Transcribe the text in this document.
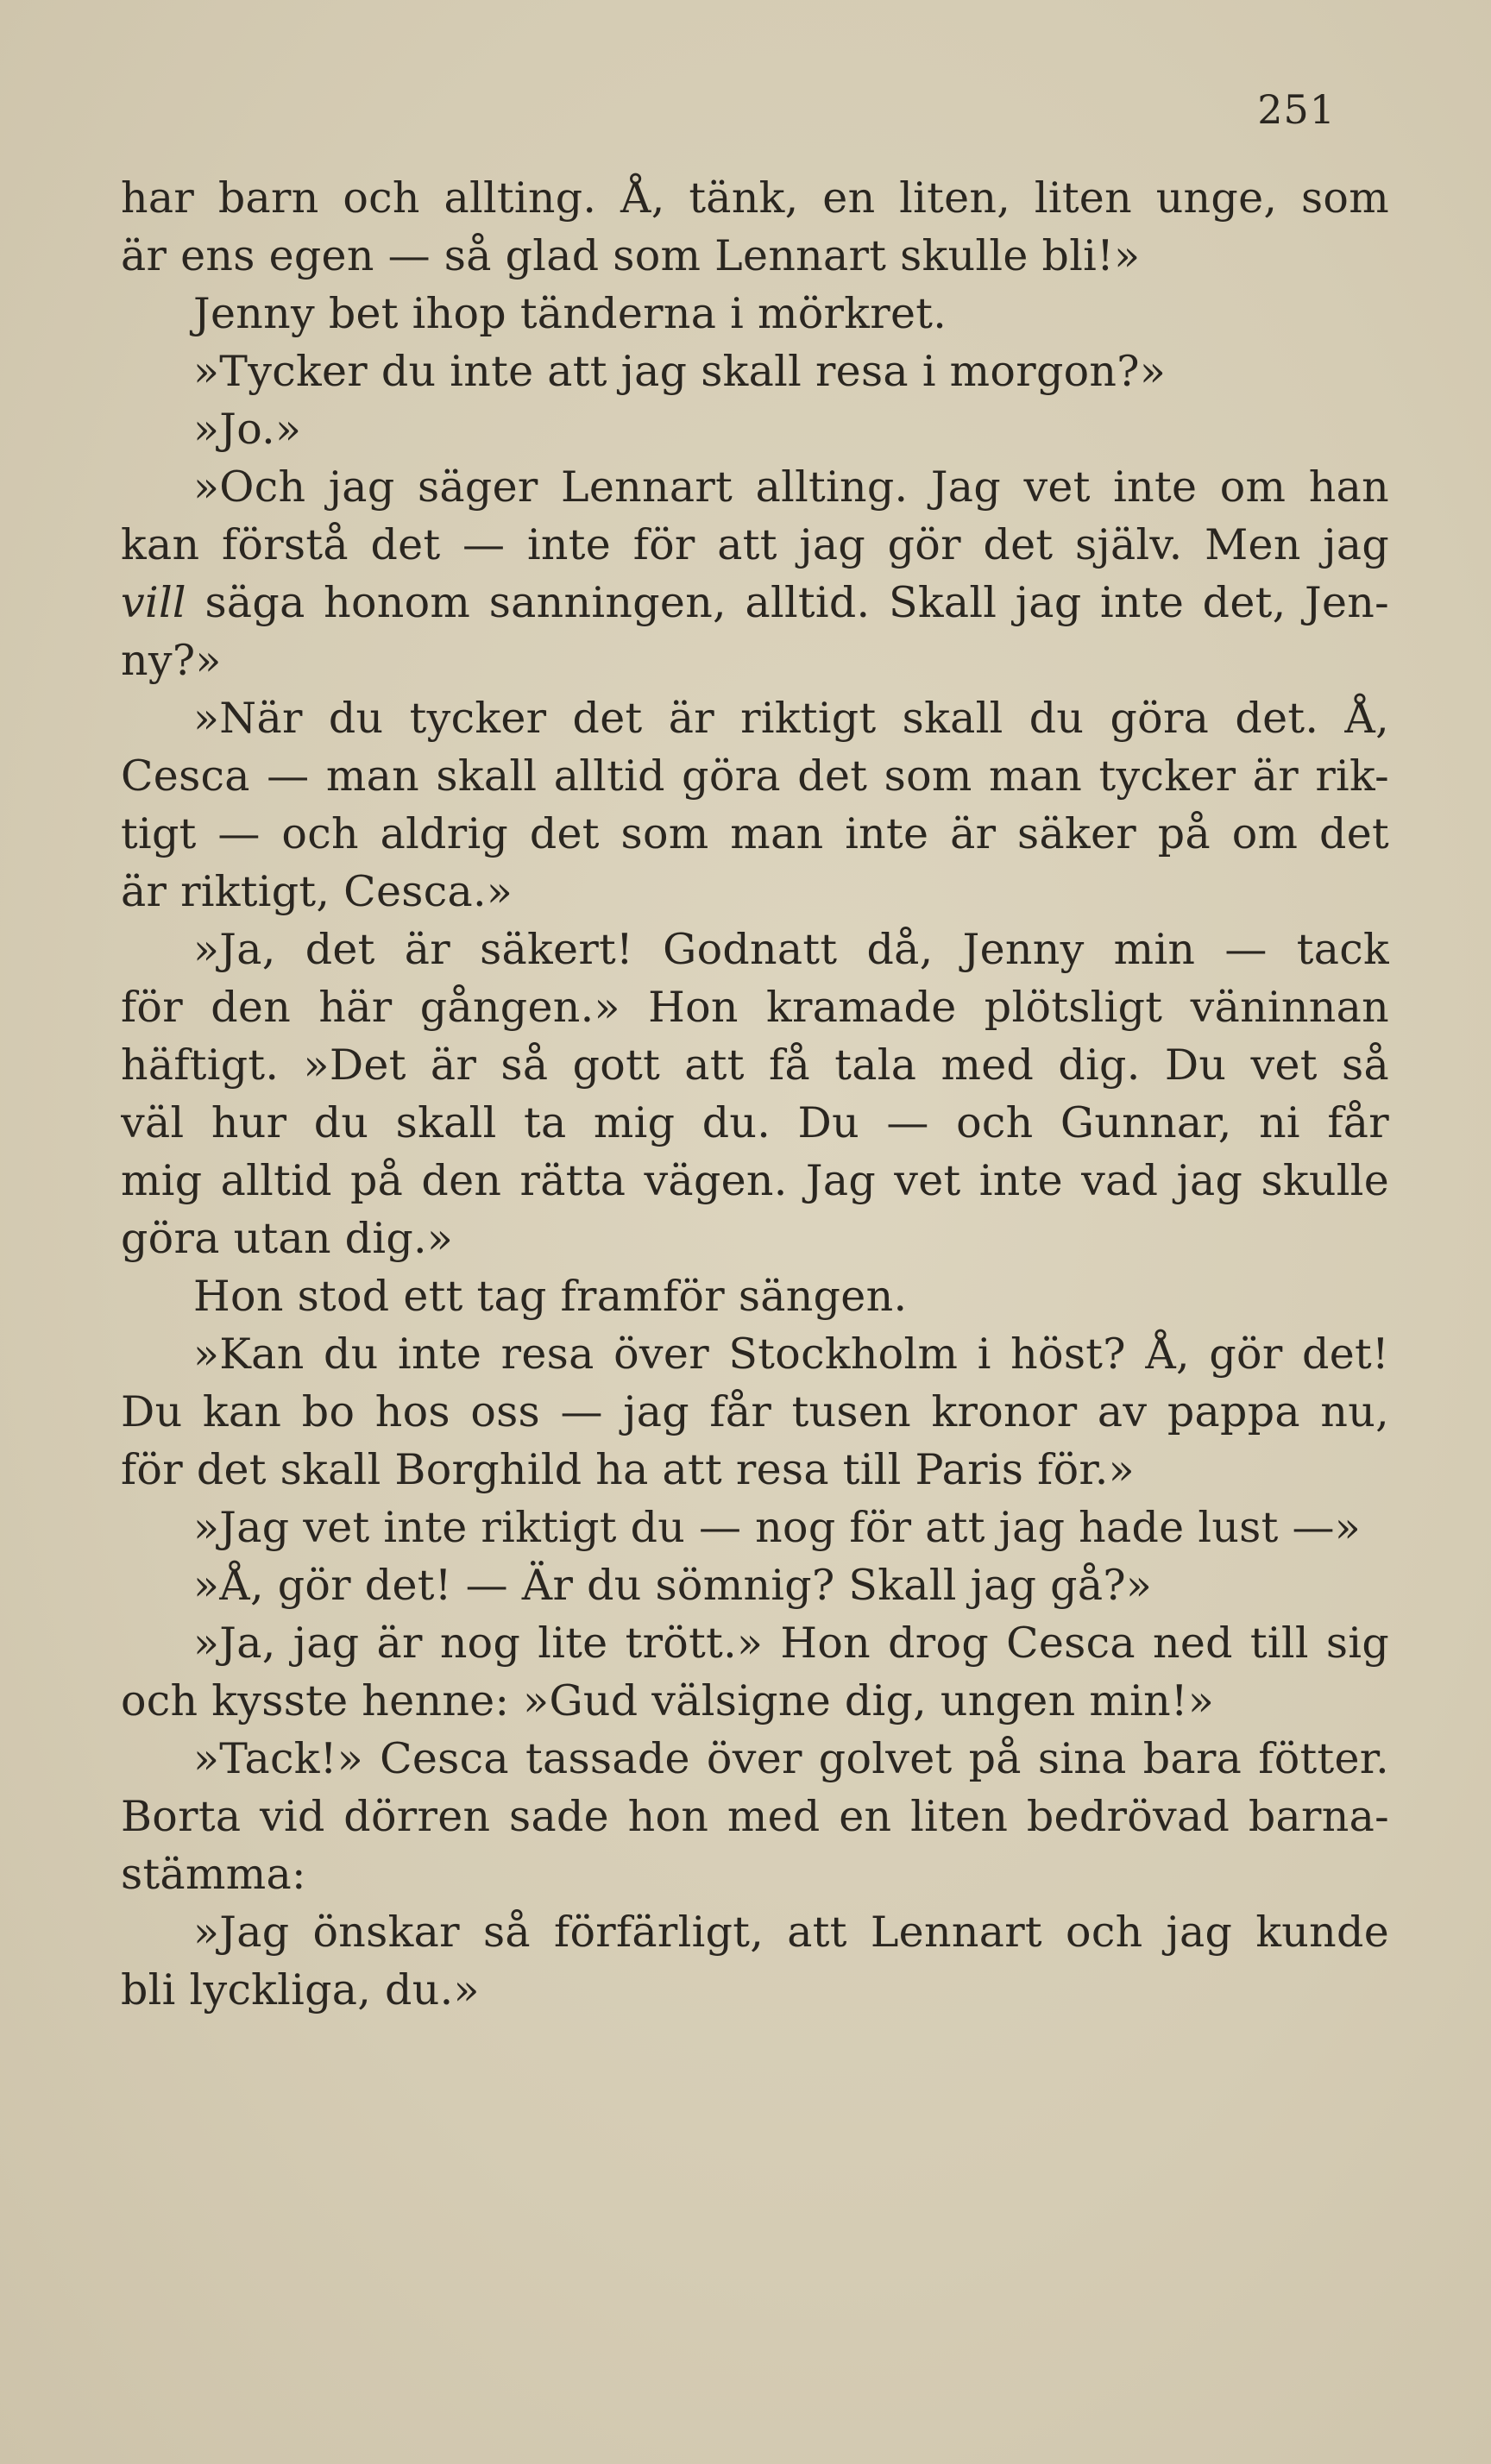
251
har barn och allting. Å, tänk, en liten, liten unge, som
är ens egen — så glad som Lennart skulle bli!»
Jenny bet ihop tänderna i mörkret.
»Tycker du inte att jag skall resa i morgon?»
»Jo.»
»Och jag säger Lennart allting. Jag vet inte om han
kan förstå det — inte för att jag gör det själv. Men jag
vill säga honom sanningen, alltid. Skall jag inte det, Jen-
ny?»
»När du tycker det är riktigt skall du göra det. Å,
Cesca — man skall alltid göra det som man tycker är rik-
tigt — och aldrig det som man inte är säker på om det
är riktigt, Cesca.»
»Ja, det är säkert! Godnatt då, Jenny min — tack
för den här gången.» Hon kramade plötsligt väninnan
häftigt. »Det är så gott att få tala med dig. Du vet så
väl hur du skall ta mig du. Du — och Gunnar, ni får
mig alltid på den rätta vägen. Jag vet inte vad jag skulle
göra utan dig.»
Hon stod ett tag framför sängen.
»Kan du inte resa över Stockholm i höst? Å, gör det!
Du kan bo hos oss — jag får tusen kronor av pappa nu,
för det skall Borghild ha att resa till Paris för.»
»Jag vet inte riktigt du — nog för att jag hade lust —»
»Å, gör det! — Är du sömnig? Skall jag gå?»
»Ja, jag är nog lite trött.» Hon drog Cesca ned till sig
och kysste henne: »Gud välsigne dig, ungen min!»
»Tack!» Cesca tassade över golvet på sina bara fötter.
Borta vid dörren sade hon med en liten bedrövad barna-
stämma:
»Jag önskar så förfärligt, att Lennart och jag kunde
bli lyckliga, du.»
